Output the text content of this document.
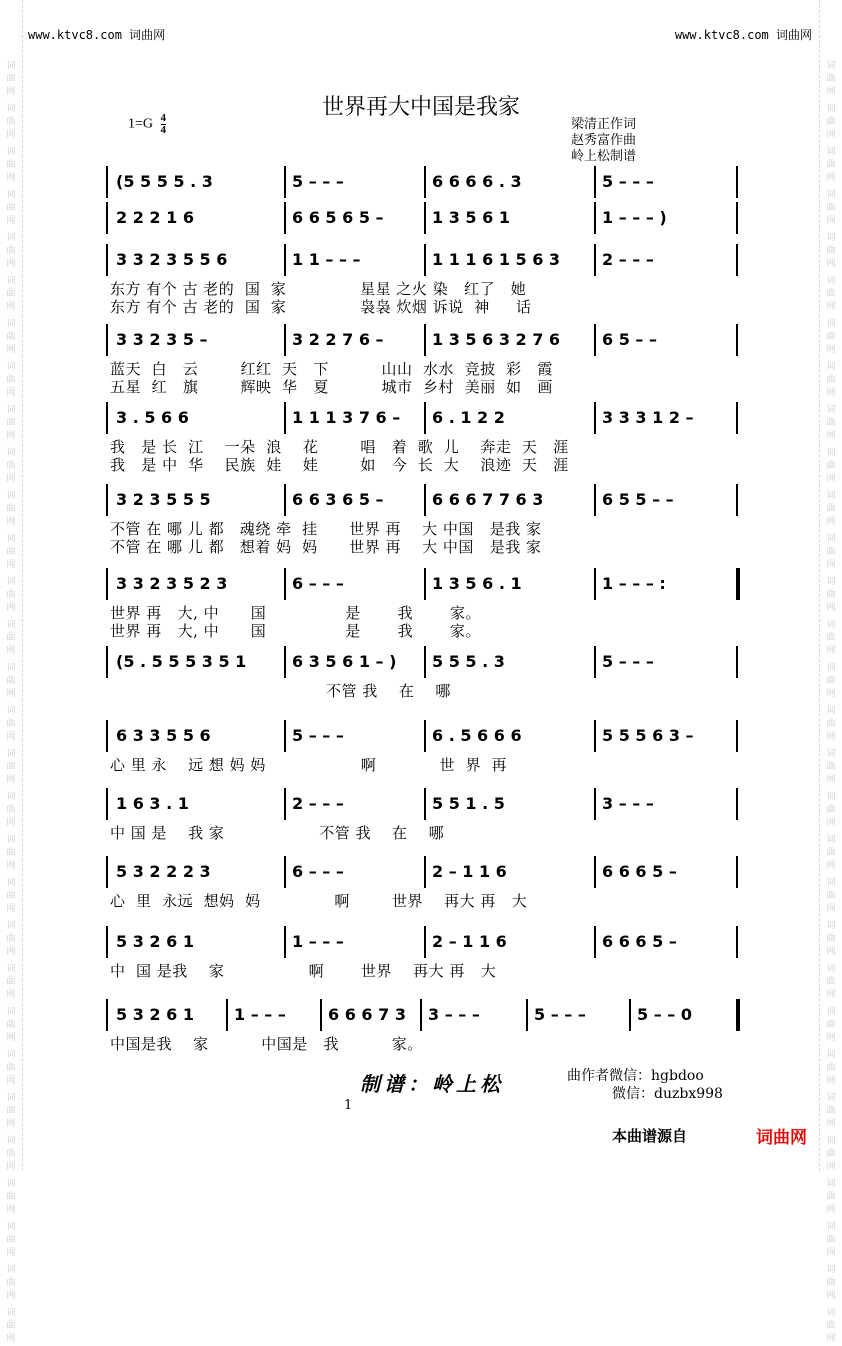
词
曲
网
词
曲
网
词
曲
网
词
曲
网
词
曲
网
词
曲
网
词
曲
网
词
曲
网
词
曲
网
词
曲
网
词
曲
网
词
曲
网
词
曲
网
词
曲
网
词
曲
网
词
曲
网
词
曲
网
词
曲
网
词
曲
网
词
曲
网
词
曲
网
词
曲
网
词
曲
网
词
曲
网
词
曲
网
词
曲
网
词
曲
网
词
曲
网
词
曲
网
词
曲
网
词
曲
网
词
曲
网
词
曲
网
词
曲
网
词
曲
网
词
曲
网
词
曲
网
词
曲
网
词
曲
网
词
曲
网
词
曲
网
词
曲
网
词
曲
网
词
曲
网
词
曲
网
词
曲
网
词
曲
网
词
曲
网
词
曲
网
词
曲
网
词
曲
网
词
曲
网
词
曲
网
词
曲
网
词
曲
网
词
曲
网
词
曲
网
词
曲
网
词
曲
网
词
曲
网
www.ktvc8.com 词曲网	www.ktvc8.com 词曲网
世界再大中国是我家
$1=G \frac{4}{4}$	梁清正作词
赵秀富作曲
岭上松制谱
(5 5 5 5 . 3	5 – – –	6 6 6 6 . 3	5 – – –
2 2 2 1 6	6 6 5 6 5 –	1 3 5 6 1	1 – – – )
3 3 2 3 5 5 6	1 1 – – –	1 1 1 6 1 5 6 3	2 – – –
东方 有个 古 老的  国  家              星星 之火 染   红了   她
东方 有个 古 老的  国  家              袅袅 炊烟 诉说  神     话
3 3 2 3 5 –	3 2 2 7 6 –	1 3 5 6 3 2 7 6	6 5 – –
蓝天  白   云        红红  天   下          山山  水水  竞披  彩   霞
五星  红   旗        辉映  华   夏          城市  乡村  美丽  如   画
3 . 5 6 6	1 1 1 3 7 6 –	6 . 1 2 2	3 3 3 1 2 –
我   是 长  江    一朵  浪    花        唱   着  歌  儿    奔走  天   涯
我   是 中  华    民族  娃    娃        如   今  长  大    浪迹  天   涯
3 2 3 5 5 5	6 6 3 6 5 –	6 6 6 7 7 6 3	6 5 5 – –
不管 在 哪 儿 都   魂绕 牵  挂      世界 再    大 中国   是我 家
不管 在 哪 儿 都   想着 妈  妈      世界 再    大 中国   是我 家
3 3 2 3 5 2 3	6 – – –	1 3 5 6 . 1	1 – – – :
世界 再   大, 中      国               是       我       家。
世界 再   大, 中      国               是       我       家。
(5 . 5 5 5 3 5 1	6 3 5 6 1 – )	5 5 5 . 3	5 – – –
不管 我    在    哪
6 3 3 5 5 6	5 – – –	6 . 5 6 6 6	5 5 5 6 3 –
心 里 永    远 想 妈 妈                  啊            世  界  再
1 6 3 . 1	2 – – –	5 5 1 . 5	3 – – –
中 国 是    我 家                  不管 我    在    哪
5 3 2 2 2 3	6 – – –	2 – 1 1 6	6 6 6 5 –
心  里  永远  想妈  妈              啊        世界    再大 再   大
5 3 2 6 1	1 – – –	2 – 1 1 6	6 6 6 5 –
中  国 是我    家                啊       世界    再大 再   大
5 3 2 6 1	1 – – –	6 6 6 7 3	3 – – –	5 – – –	5 – – 0
中国是我    家          中国是   我          家。
制谱：岭上松	曲作者微信：hgbdoo
微信：duzbx998
1
本曲谱源自	词曲网
